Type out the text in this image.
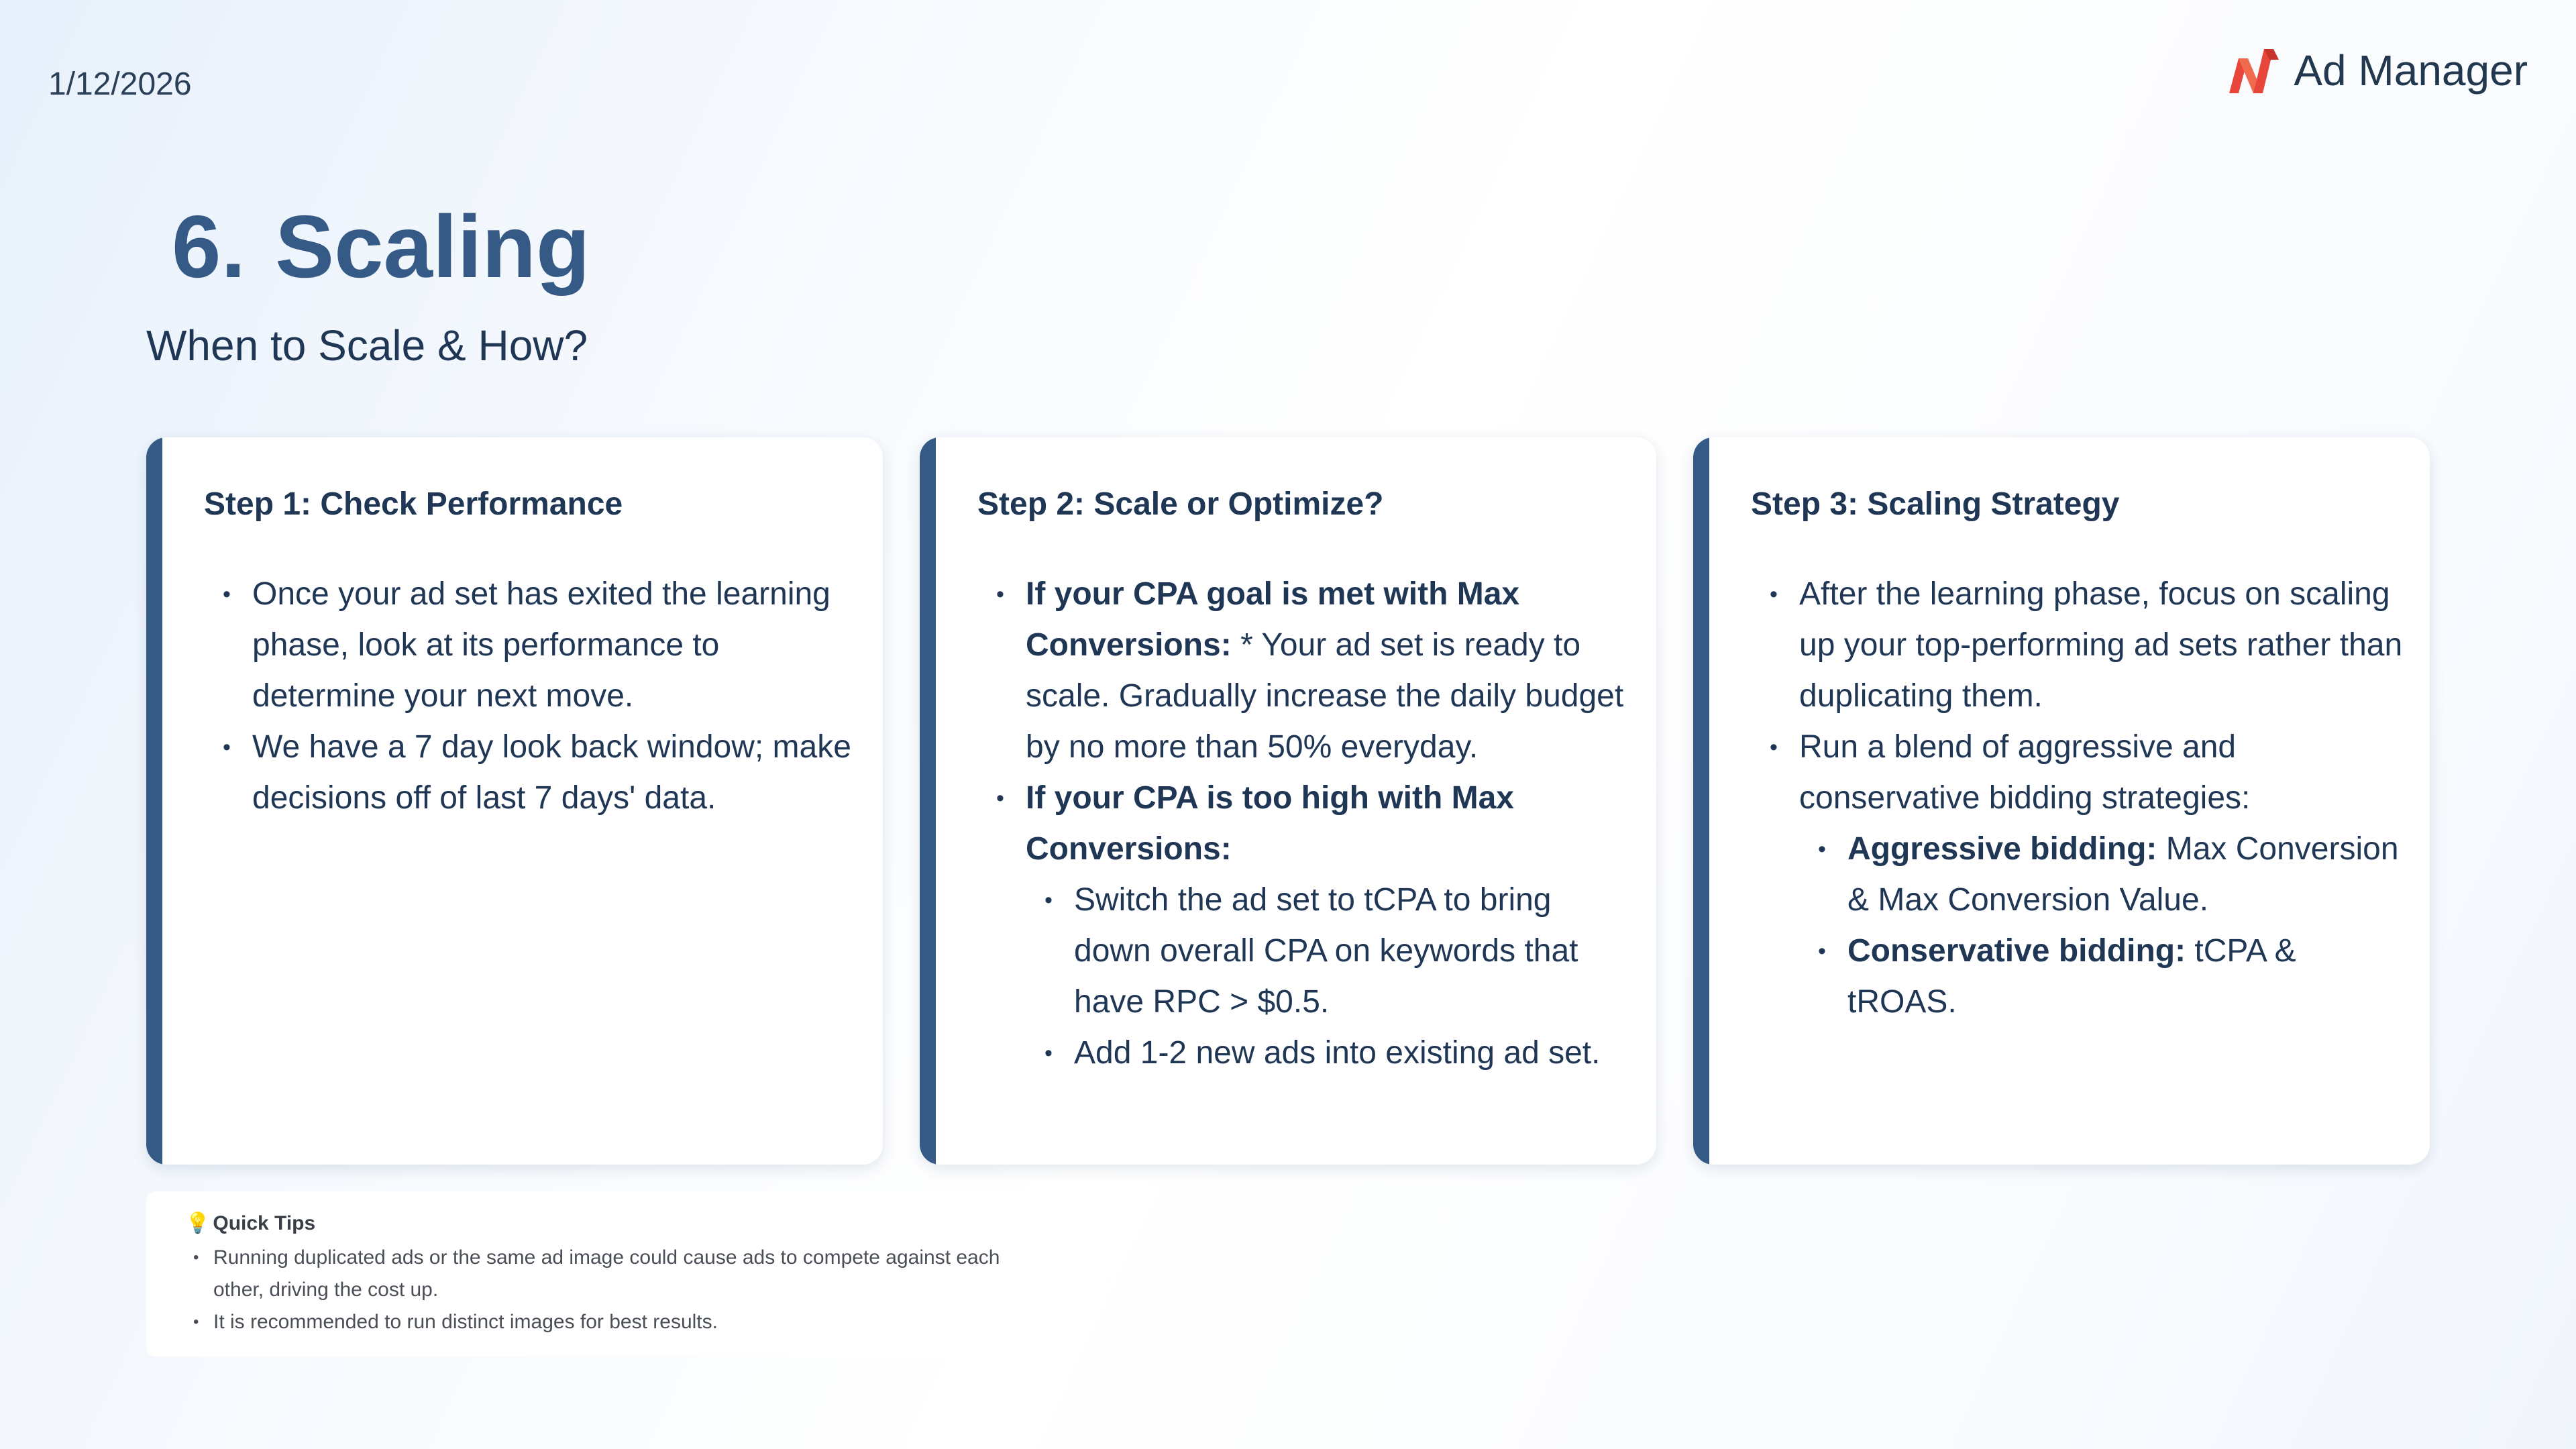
1/12/2026	Ad Manager
6. Scaling
When to Scale & How?
Step 1: Check Performance
• Once your ad set has exited the learning phase, look at its performance to determine your next move.
• We have a 7 day look back window; make decisions off of last 7 days' data.
Step 2: Scale or Optimize?
• If your CPA goal is met with Max Conversions: * Your ad set is ready to scale. Gradually increase the daily budget by no more than 50% everyday.
• If your CPA is too high with Max Conversions:
• Switch the ad set to tCPA to bring down overall CPA on keywords that have RPC > $0.5.
• Add 1-2 new ads into existing ad set.
Step 3: Scaling Strategy
• After the learning phase, focus on scaling up your top-performing ad sets rather than duplicating them.
• Run a blend of aggressive and conservative bidding strategies:
• Aggressive bidding: Max Conversion & Max Conversion Value.
• Conservative bidding: tCPA & tROAS.
💡 Quick Tips
• Running duplicated ads or the same ad image could cause ads to compete against each other, driving the cost up.
• It is recommended to run distinct images for best results.
